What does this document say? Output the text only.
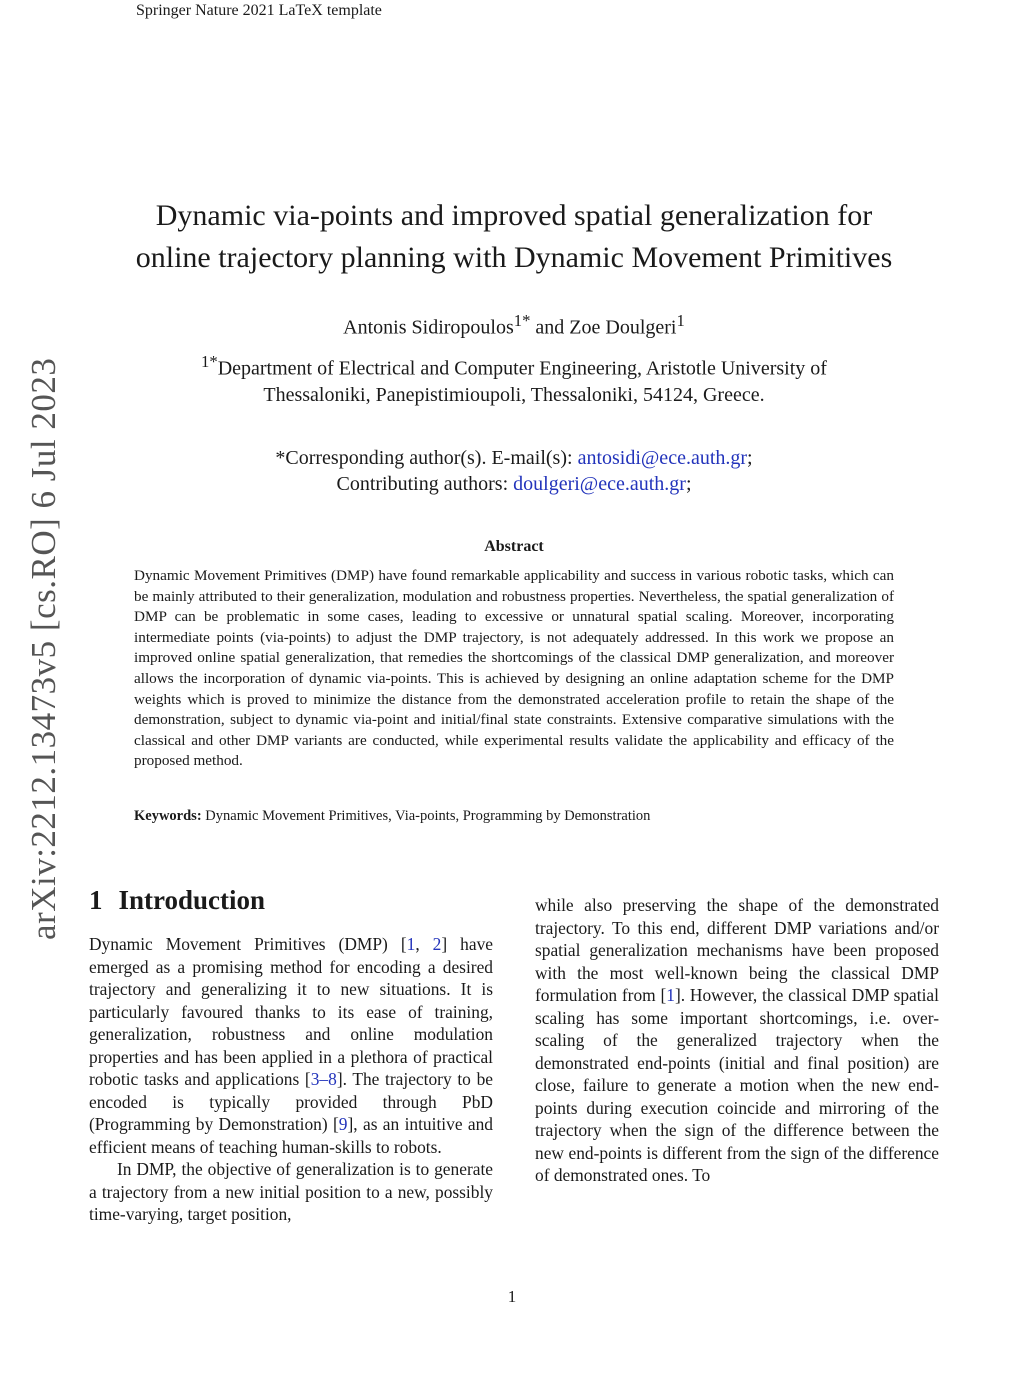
Springer Nature 2021 LaTeX template
arXiv:2212.13473v5 [cs.RO] 6 Jul 2023
Dynamic via-points and improved spatial generalization for
online trajectory planning with Dynamic Movement Primitives
Antonis Sidiropoulos$^{1*}$ and Zoe Doulgeri$^1$
$^{1*}$Department of Electrical and Computer Engineering, Aristotle University of
Thessaloniki, Panepistimioupoli, Thessaloniki, 54124, Greece.
*Corresponding author(s). E-mail(s): antosidi@ece.auth.gr;
Contributing authors: doulgeri@ece.auth.gr;
Abstract
Dynamic Movement Primitives (DMP) have found remarkable applicability and success in various robotic tasks, which can be mainly attributed to their generalization, modulation and robustness properties. Nevertheless, the spatial generalization of DMP can be problematic in some cases, leading to excessive or unnatural spatial scaling. Moreover, incorporating intermediate points (via-points) to adjust the DMP trajectory, is not adequately addressed. In this work we propose an improved online spatial generalization, that remedies the shortcomings of the classical DMP generalization, and moreover allows the incorporation of dynamic via-points. This is achieved by designing an online adaptation scheme for the DMP weights which is proved to minimize the distance from the demonstrated acceleration profile to retain the shape of the demonstration, subject to dynamic via-point and initial/final state constraints. Extensive comparative simulations with the classical and other DMP variants are conducted, while experimental results validate the applicability and efficacy of the proposed method.
Keywords: Dynamic Movement Primitives, Via-points, Programming by Demonstration
1 Introduction

Dynamic Movement Primitives (DMP) [1, 2] have emerged as a promising method for encoding a desired trajectory and generalizing it to new situations. It is particularly favoured thanks to its ease of training, generalization, robustness and online modulation properties and has been applied in a plethora of practical robotic tasks and applications [3–8]. The trajectory to be encoded is typically provided through PbD (Programming by Demonstration) [9], as an intuitive and efficient means of teaching human-skills to robots.

In DMP, the objective of generalization is to generate a trajectory from a new initial position to a new, possibly time-varying, target position,

while also preserving the shape of the demonstrated trajectory. To this end, different DMP variations and/or spatial generalization mechanisms have been proposed with the most well-known being the classical DMP formulation from [1]. However, the classical DMP spatial scaling has some important shortcomings, i.e. over-scaling of the generalized trajectory when the demonstrated end-points (initial and final position) are close, failure to generate a motion when the new end-points during execution coincide and mirroring of the trajectory when the sign of the difference between the new end-points is different from the sign of the difference of demonstrated ones. To

1
